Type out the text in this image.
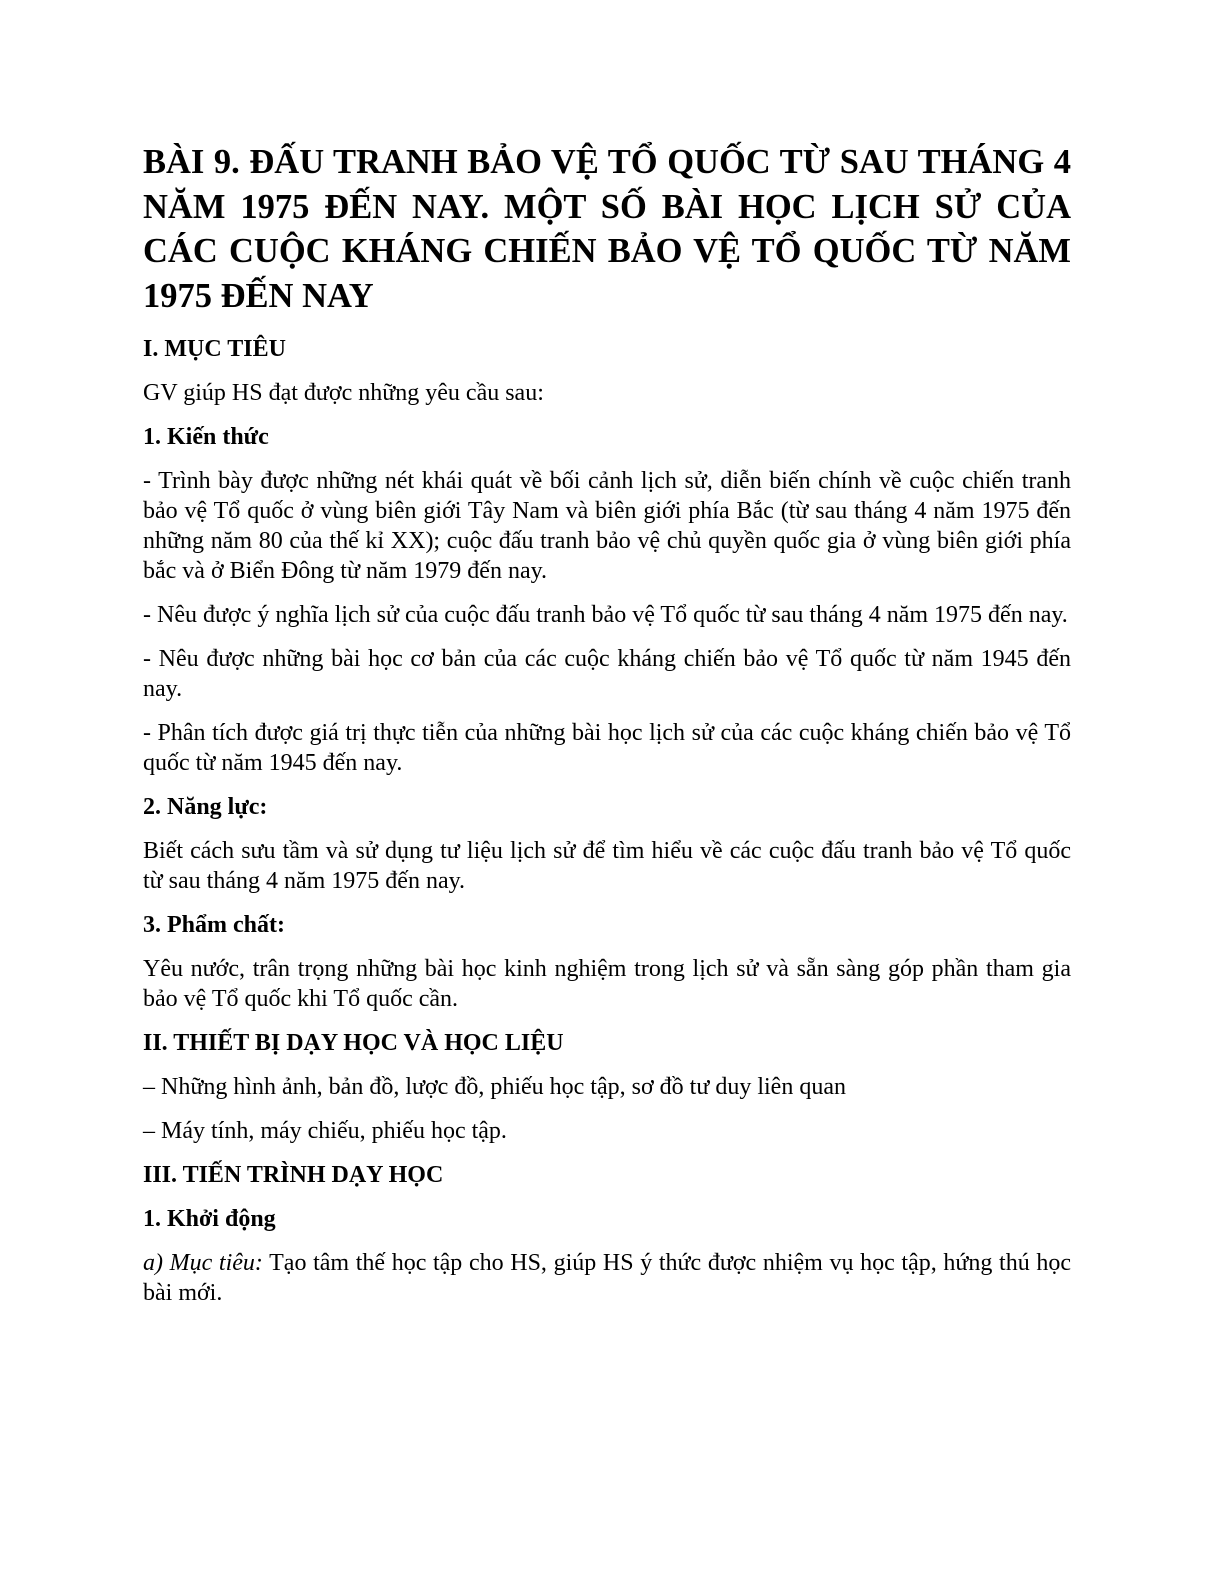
BÀI 9. ĐẤU TRANH BẢO VỆ TỔ QUỐC TỪ SAU THÁNG 4 NĂM 1975 ĐẾN NAY. MỘT SỐ BÀI HỌC LỊCH SỬ CỦA CÁC CUỘC KHÁNG CHIẾN BẢO VỆ TỔ QUỐC TỪ NĂM 1975 ĐẾN NAY
I. MỤC TIÊU
GV giúp HS đạt được những yêu cầu sau:
1. Kiến thức
- Trình bày được những nét khái quát về bối cảnh lịch sử, diễn biến chính về cuộc chiến tranh bảo vệ Tổ quốc ở vùng biên giới Tây Nam và biên giới phía Bắc (từ sau tháng 4 năm 1975 đến những năm 80 của thế kỉ XX); cuộc đấu tranh bảo vệ chủ quyền quốc gia ở vùng biên giới phía bắc và ở Biển Đông từ năm 1979 đến nay.
- Nêu được ý nghĩa lịch sử của cuộc đấu tranh bảo vệ Tổ quốc từ sau tháng 4 năm 1975 đến nay.
- Nêu được những bài học cơ bản của các cuộc kháng chiến bảo vệ Tổ quốc từ năm 1945 đến nay.
- Phân tích được giá trị thực tiễn của những bài học lịch sử của các cuộc kháng chiến bảo vệ Tổ quốc từ năm 1945 đến nay.
2. Năng lực:
Biết cách sưu tầm và sử dụng tư liệu lịch sử để tìm hiểu về các cuộc đấu tranh bảo vệ Tổ quốc từ sau tháng 4 năm 1975 đến nay.
3. Phẩm chất:
Yêu nước, trân trọng những bài học kinh nghiệm trong lịch sử và sẵn sàng góp phần tham gia bảo vệ Tổ quốc khi Tổ quốc cần.
II. THIẾT BỊ DẠY HỌC VÀ HỌC LIỆU
– Những hình ảnh, bản đồ, lược đồ, phiếu học tập, sơ đồ tư duy liên quan
– Máy tính, máy chiếu, phiếu học tập.
III. TIẾN TRÌNH DẠY HỌC
1. Khởi động
a) Mục tiêu: Tạo tâm thế học tập cho HS, giúp HS ý thức được nhiệm vụ học tập, hứng thú học bài mới.
